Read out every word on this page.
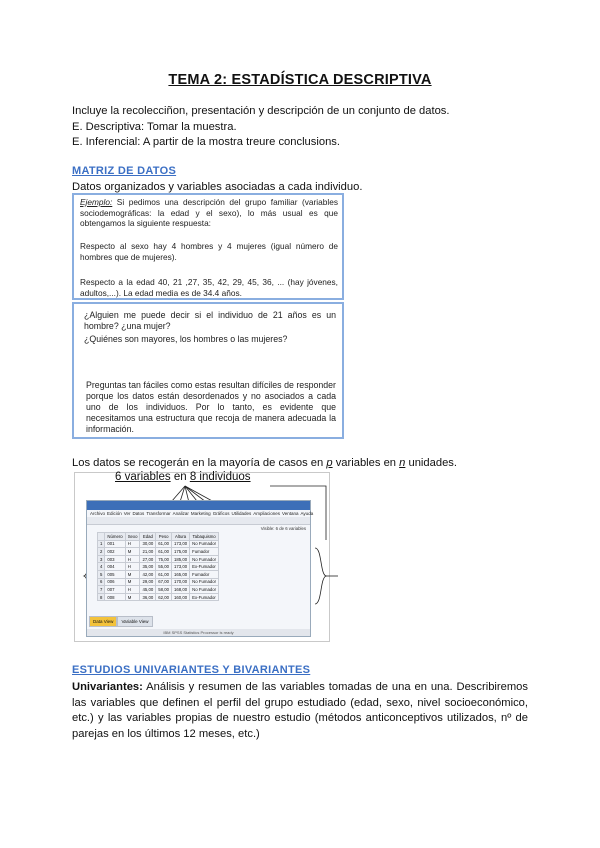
TEMA 2: ESTADÍSTICA DESCRIPTIVA
Incluye la recolecciñon, presentación y descripción de un conjunto de datos.
E. Descriptiva: Tomar la muestra.
E. Inferencial: A partir de la mostra treure conclusions.
MATRIZ DE DATOS
Datos organizados y variables asociadas a cada individuo.
Ejemplo: Si pedimos una descripción del grupo familiar (variables sociodemográficas: la edad y el sexo), lo más usual es que obtengamos la siguiente respuesta:
Respecto al sexo hay 4 hombres y 4 mujeres (igual número de hombres que de mujeres).
Respecto a la edad 40, 21 ,27, 35, 42, 29, 45, 36, ... (hay jóvenes, adultos,...). La edad media es de 34.4 años.
¿Alguien me puede decir si el individuo de 21 años es un hombre? ¿una mujer?
¿Quiénes son mayores, los hombres o las mujeres?
Preguntas tan fáciles como estas resultan difíciles de responder porque los datos están desordenados y no asociados a cada uno de los individuos. Por lo tanto, es evidente que necesitamos una estructura que recoja de manera adecuada la información.
Los datos se recogerán en la mayoría de casos en p variables en n unidades.
6 variables en 8 individuos
Archivo Edición Ver Datos Transformar Analizar Marketing Gráficos Utilidades Ampliaciones Ventana Ayuda
Visible: 6 de 6 variables
	Número	Sexo	Edad	Peso	Altura	Tabaquismo
1	001	H	30,00	61,00	173,00	No Fumador
2	002	M	21,00	61,00	175,00	Fumador
3	003	H	27,00	75,00	185,00	No Fumador
4	004	H	35,00	55,00	173,00	Ex-Fumador
5	005	M	42,00	61,00	165,00	Fumador
6	006	M	29,00	67,00	170,00	No Fumador
7	007	H	45,00	58,00	168,00	No Fumador
8	008	M	36,00	62,00	160,00	Ex-Fumador
Data View	Variable View
IBM SPSS Statistics Processor is ready
ESTUDIOS UNIVARIANTES Y BIVARIANTES
Univariantes: Análisis y resumen de las variables tomadas de una en una. Describiremos las variables que definen el perfil del grupo estudiado (edad, sexo, nivel socioeconómico, etc.) y las variables propias de nuestro estudio (métodos anticonceptivos utilizados, nº de parejas en los últimos 12 meses, etc.)
